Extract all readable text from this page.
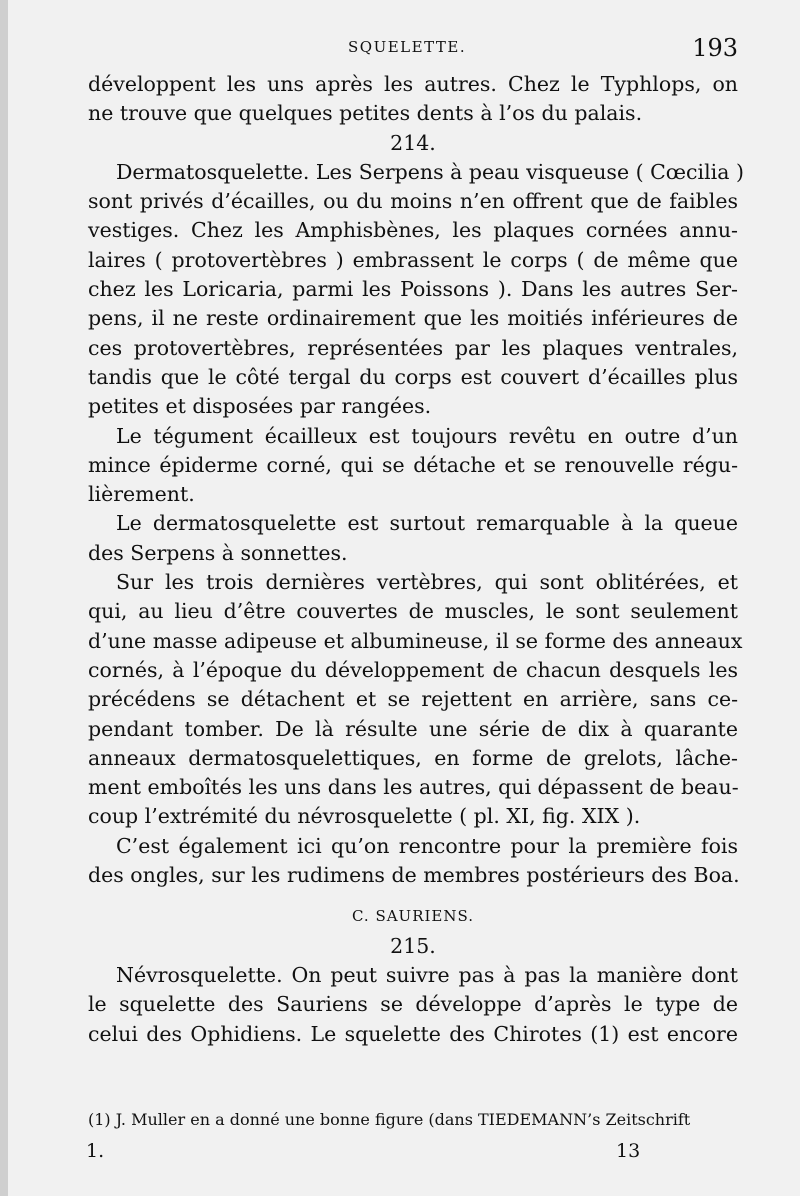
SQUELETTE.	193
développent les uns après les autres. Chez le Typhlops, on
ne trouve que quelques petites dents à l’os du palais.
214.
Dermatosquelette. Les Serpens à peau visqueuse ( Cœcilia )
sont privés d’écailles, ou du moins n’en offrent que de faibles
vestiges. Chez les Amphisbènes, les plaques cornées annu-
laires ( protovertèbres ) embrassent le corps ( de même que
chez les Loricaria, parmi les Poissons ). Dans les autres Ser-
pens, il ne reste ordinairement que les moitiés inférieures de
ces protovertèbres, représentées par les plaques ventrales,
tandis que le côté tergal du corps est couvert d’écailles plus
petites et disposées par rangées.
Le tégument écailleux est toujours revêtu en outre d’un
mince épiderme corné, qui se détache et se renouvelle régu-
lièrement.
Le dermatosquelette est surtout remarquable à la queue
des Serpens à sonnettes.
Sur les trois dernières vertèbres, qui sont oblitérées, et
qui, au lieu d’être couvertes de muscles, le sont seulement
d’une masse adipeuse et albumineuse, il se forme des anneaux
cornés, à l’époque du développement de chacun desquels les
précédens se détachent et se rejettent en arrière, sans ce-
pendant tomber. De là résulte une série de dix à quarante
anneaux dermatosquelettiques, en forme de grelots, lâche-
ment emboîtés les uns dans les autres, qui dépassent de beau-
coup l’extrémité du névrosquelette ( pl. XI, fig. XIX ).
C’est également ici qu’on rencontre pour la première fois
des ongles, sur les rudimens de membres postérieurs des Boa.
C. SAURIENS.
215.
Névrosquelette. On peut suivre pas à pas la manière dont
le squelette des Sauriens se développe d’après le type de
celui des Ophidiens. Le squelette des Chirotes (1) est encore
(1) J. Muller en a donné une bonne figure (dans TIEDEMANN’s Zeitschrift
1.	13
